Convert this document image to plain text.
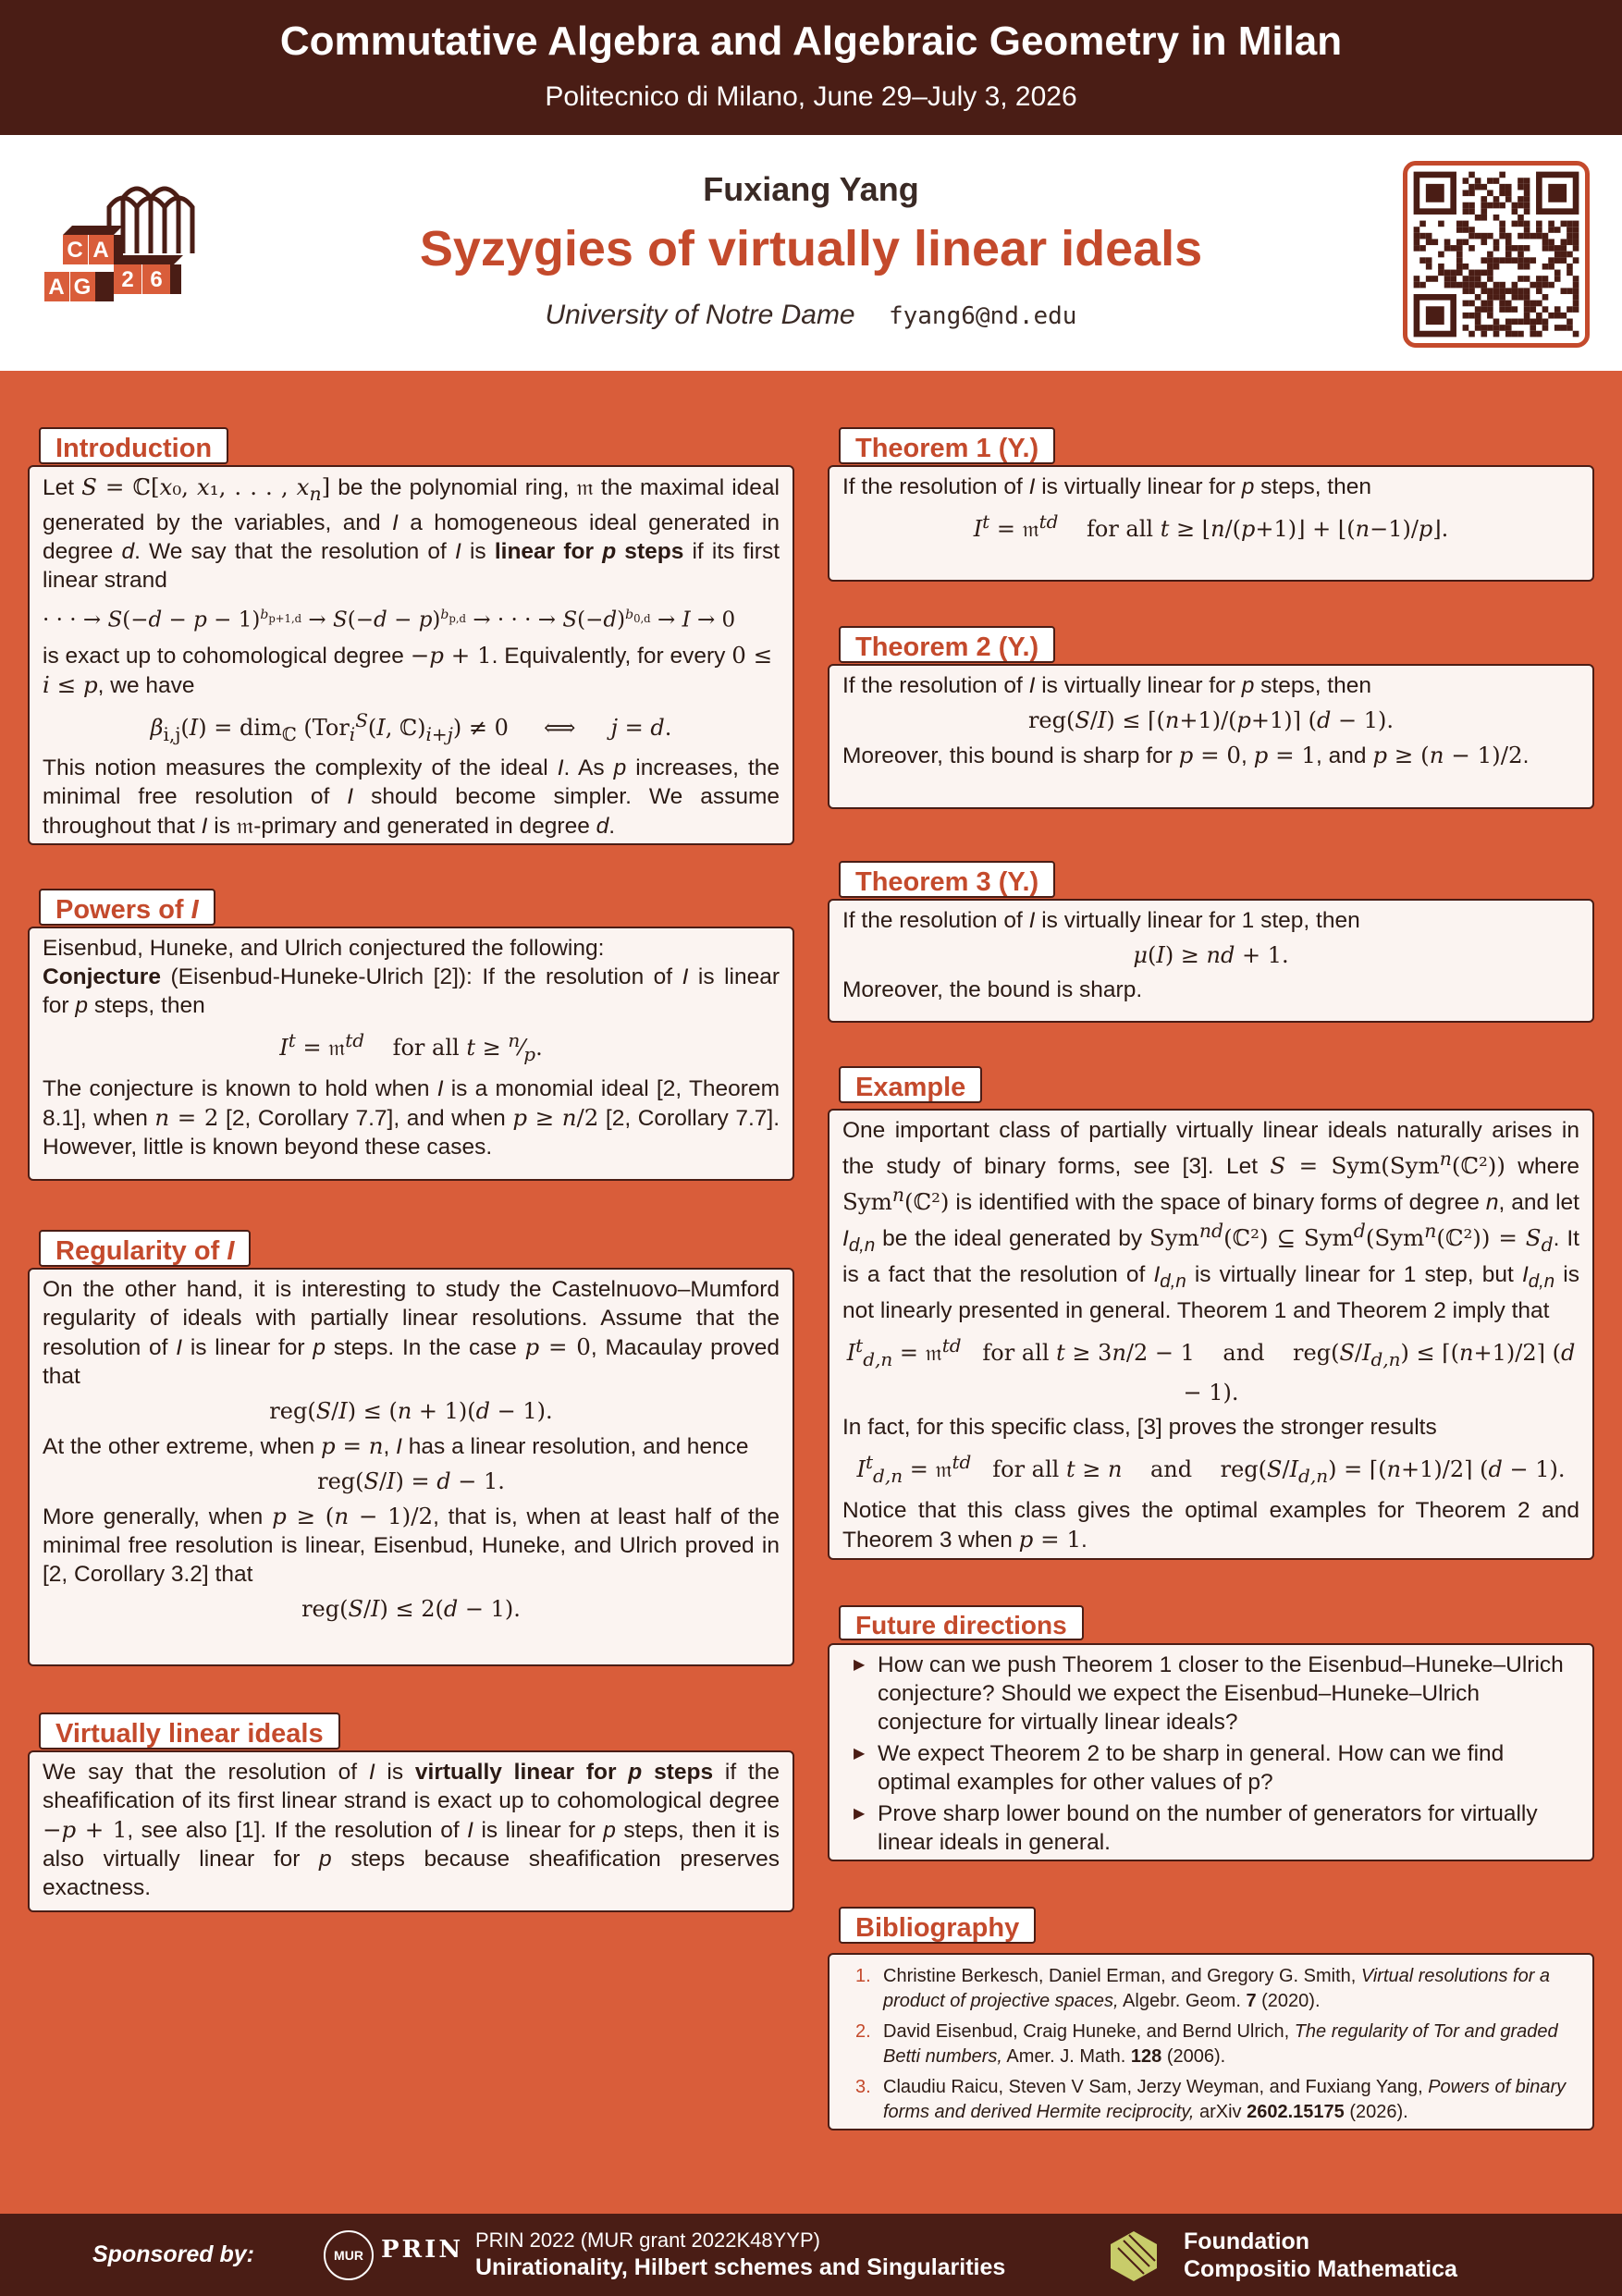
Commutative Algebra and Algebraic Geometry in Milan
Politecnico di Milano, June 29–July 3, 2026
C A
A G 2 6
Fuxiang Yang
Syzygies of virtually linear ideals
University of Notre Dame fyang6@nd.edu

Let S = ℂ[x₀, x₁, . . . , $x_n$] be the polynomial ring, 𝔪 the maximal ideal generated by the variables, and I a homogeneous ideal generated in degree d. We say that the resolution of I is linear for p steps if its first linear strand

· · · → $S(-d - p - 1)^{b_{p+1,d}} \to S(-d - p)^{b_{p,d}}$ → · · · → $S(-d)^{b_{0,d}} \to I \to 0$

is exact up to cohomological degree −p + 1. Equivalently, for every 0 ≤ i ≤ p, we have

$\beta_{i,j}(I) = dim_ℂ$ (Tor$_i^S$(I, $ℂ)_{i+j}) \ne 0$     ⟺     j = d.

This notion measures the complexity of the ideal I. As p increases, the minimal free resolution of I should become simpler. We assume throughout that I is 𝔪-primary and generated in degree d.

Introduction

Eisenbud, Huneke, and Ulrich conjectured the following:

Conjecture (Eisenbud-Huneke-Ulrich [2]): If the resolution of I is linear for p steps, then

$I^t$ = 𝔪$^{td}$    for all $t \ge ^n⁄_p$.

The conjecture is known to hold when I is a monomial ideal [2, Theorem 8.1], when n = 2 [2, Corollary 7.7], and when p ≥ n/2 [2, Corollary 7.7]. However, little is known beyond these cases.

Powers of I

On the other hand, it is interesting to study the Castelnuovo–Mumford regularity of ideals with partially linear resolutions. Assume that the resolution of I is linear for p steps. In the case p = 0, Macaulay proved that

reg(S/I) ≤ (n + 1)(d − 1).

At the other extreme, when p = n, I has a linear resolution, and hence

reg(S/I) = d − 1.

More generally, when p ≥ (n − 1)/2, that is, when at least half of the minimal free resolution is linear, Eisenbud, Huneke, and Ulrich proved in [2, Corollary 3.2] that

reg(S/I) ≤ 2(d − 1).
Regularity of I

We say that the resolution of I is virtually linear for p steps if the sheafification of its first linear strand is exact up to cohomological degree −p + 1, see also [1]. If the resolution of I is linear for p steps, then it is also virtually linear for p steps because sheafification preserves exactness.

Virtually linear ideals

If the resolution of I is virtually linear for p steps, then

$I^t$ = 𝔪$^{td}$    for all t ≥ ⌊n/(p+1)⌋ + ⌊(n−1)/p⌋.
Theorem 1 (Y.)

If the resolution of I is virtually linear for p steps, then

reg(S/I) ≤ ⌈(n+1)/(p+1)⌉ (d − 1).

Moreover, this bound is sharp for p = 0, p = 1, and p ≥ (n − 1)/2.

Theorem 2 (Y.)

If the resolution of I is virtually linear for 1 step, then

μ(I) ≥ nd + 1.

Moreover, the bound is sharp.

Theorem 3 (Y.)

One important class of partially virtually linear ideals naturally arises in the study of binary forms, see [3]. Let S = Sym(Sym$^n$(ℂ²)) where Sym$^n$(ℂ²) is identified with the space of binary forms of degree n, and let $I_{d,n}$ be the ideal generated by Sym$^{nd}$(ℂ²) ⊆ Sym$^d$(Sym$^n$(ℂ²)) = $S_d$. It is a fact that the resolution of $I_{d,n}$ is virtually linear for 1 step, but $I_{d,n}$ is not linearly presented in general. Theorem 1 and Theorem 2 imply that

$I^t_{d,n}$ = 𝔪$^{td}$   for all t ≥ 3n/2 − 1    and    $reg(S/I_{d,n})$ ≤ ⌈(n+1)/2⌉ (d − 1).

In fact, for this specific class, [3] proves the stronger results

$I^t_{d,n}$ = 𝔪$^{td}$   for all t ≥ n    and    $reg(S/I_{d,n})$ = ⌈(n+1)/2⌉ (d − 1).

Notice that this class gives the optimal examples for Theorem 2 and Theorem 3 when p = 1.

Example
▶ How can we push Theorem 1 closer to the Eisenbud–Huneke–Ulrich conjecture? Should we expect the Eisenbud–Huneke–Ulrich conjecture for virtually linear ideals?
▶ We expect Theorem 2 to be sharp in general. How can we find optimal examples for other values of p?
▶ Prove sharp lower bound on the number of generators for virtually linear ideals in general.
Future directions
1. Christine Berkesch, Daniel Erman, and Gregory G. Smith, Virtual resolutions for a product of projective spaces, Algebr. Geom. 7 (2020).
2. David Eisenbud, Craig Huneke, and Bernd Ulrich, The regularity of Tor and graded Betti numbers, Amer. J. Math. 128 (2006).
3. Claudiu Raicu, Steven V Sam, Jerzy Weyman, and Fuxiang Yang, Powers of binary forms and derived Hermite reciprocity, arXiv 2602.15175 (2026).
Bibliography
Sponsored by:	MUR PRIN PRIN 2022 (MUR grant 2022K48YYP)
Unirationality, Hilbert schemes and Singularities
Foundation
Compositio Mathematica
